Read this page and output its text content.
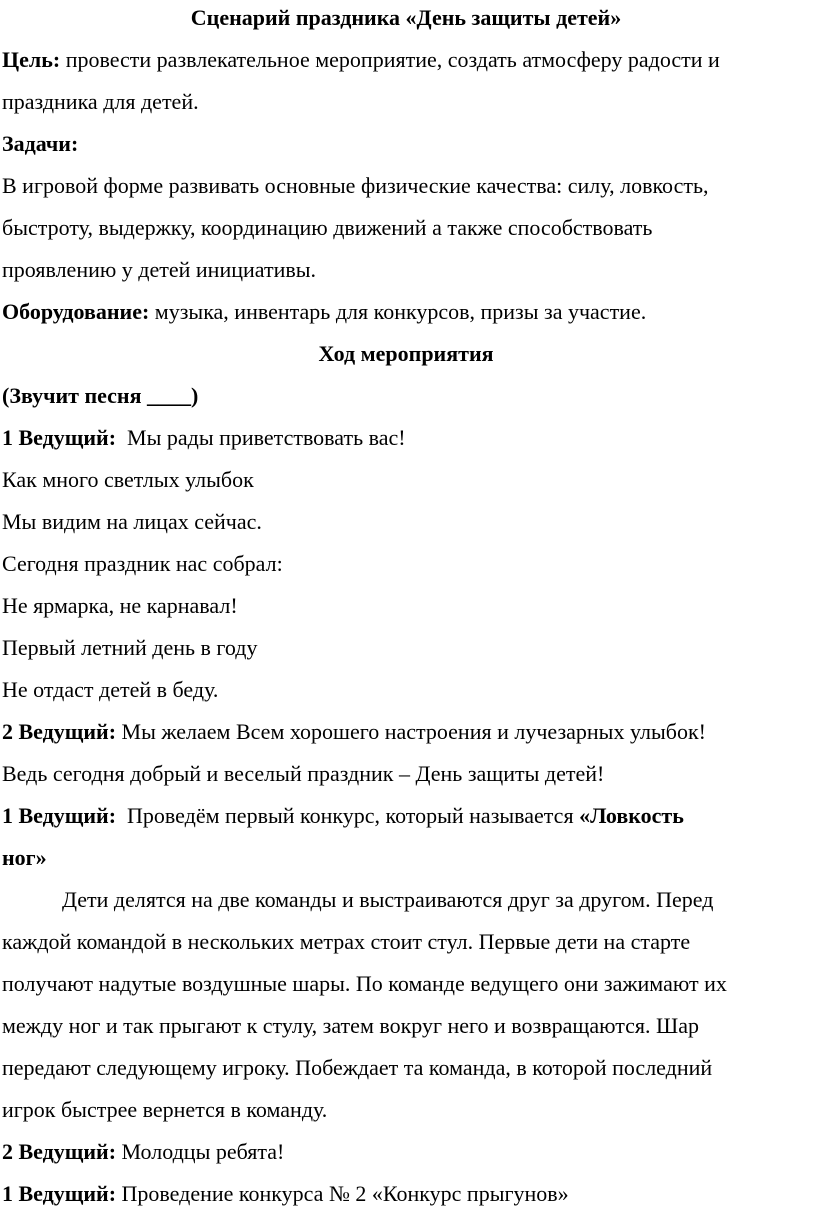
Сценарий праздника «День защиты детей»
Цель: провести развлекательное мероприятие, создать атмосферу радости и
праздника для детей.
Задачи:
В игровой форме развивать основные физические качества: силу, ловкость,
быстроту, выдержку, координацию движений а также способствовать
проявлению у детей инициативы.
Оборудование: музыка, инвентарь для конкурсов, призы за участие.
Ход мероприятия
(Звучит песня ____)
1 Ведущий:  Мы рады приветствовать вас!
Как много светлых улыбок
Мы видим на лицах сейчас.
Сегодня праздник нас собрал:
Не ярмарка, не карнавал!
Первый летний день в году
Не отдаст детей в беду.
2 Ведущий: Мы желаем Всем хорошего настроения и лучезарных улыбок!
Ведь сегодня добрый и веселый праздник – День защиты детей!
1 Ведущий:  Проведём первый конкурс, который называется «Ловкость
ног»
Дети делятся на две команды и выстраиваются друг за другом. Перед
каждой командой в нескольких метрах стоит стул. Первые дети на старте
получают надутые воздушные шары. По команде ведущего они зажимают их
между ног и так прыгают к стулу, затем вокруг него и возвращаются. Шар
передают следующему игроку. Побеждает та команда, в которой последний
игрок быстрее вернется в команду.
2 Ведущий: Молодцы ребята!
1 Ведущий: Проведение конкурса № 2 «Конкурс прыгунов»
